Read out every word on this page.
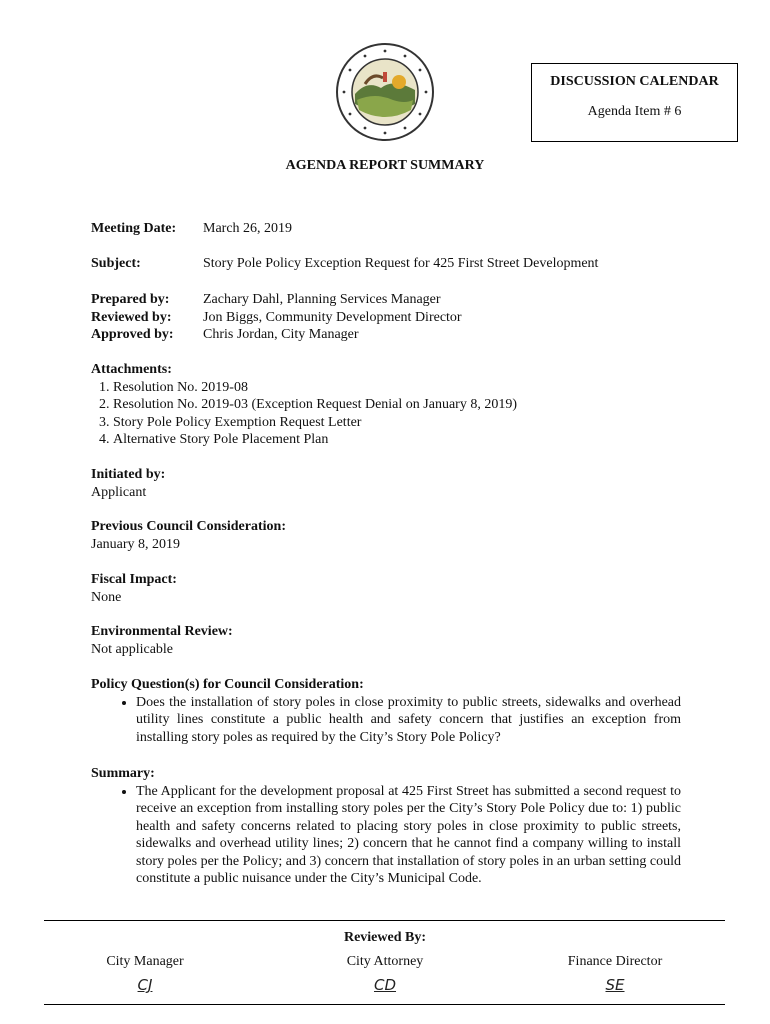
DISCUSSION CALENDAR
Agenda Item # 6
AGENDA REPORT SUMMARY
Meeting Date: March 26, 2019
Subject:	Story Pole Policy Exception Request for 425 First Street Development
Prepared by:
Reviewed by:
Approved by:
Zachary Dahl, Planning Services Manager
Jon Biggs, Community Development Director
Chris Jordan, City Manager
Attachments:
1. Resolution No. 2019-08
2. Resolution No. 2019-03 (Exception Request Denial on January 8, 2019)
3. Story Pole Policy Exemption Request Letter
4. Alternative Story Pole Placement Plan
Initiated by:
Applicant
Previous Council Consideration:
January 8, 2019
Fiscal Impact:
None
Environmental Review:
Not applicable
Policy Question(s) for Council Consideration:
• Does the installation of story poles in close proximity to public streets, sidewalks and overhead utility lines constitute a public health and safety concern that justifies an exception from installing story poles as required by the City’s Story Pole Policy?
Summary:
• The Applicant for the development proposal at 425 First Street has submitted a second request to receive an exception from installing story poles per the City’s Story Pole Policy due to: 1) public health and safety concerns related to placing story poles in close proximity to public streets, sidewalks and overhead utility lines; 2) concern that he cannot find a company willing to install story poles per the Policy; and 3) concern that installation of story poles in an urban setting could constitute a public nuisance under the City’s Municipal Code.
Reviewed By:
City Manager
CJ
City Attorney
CD
Finance Director
SE
